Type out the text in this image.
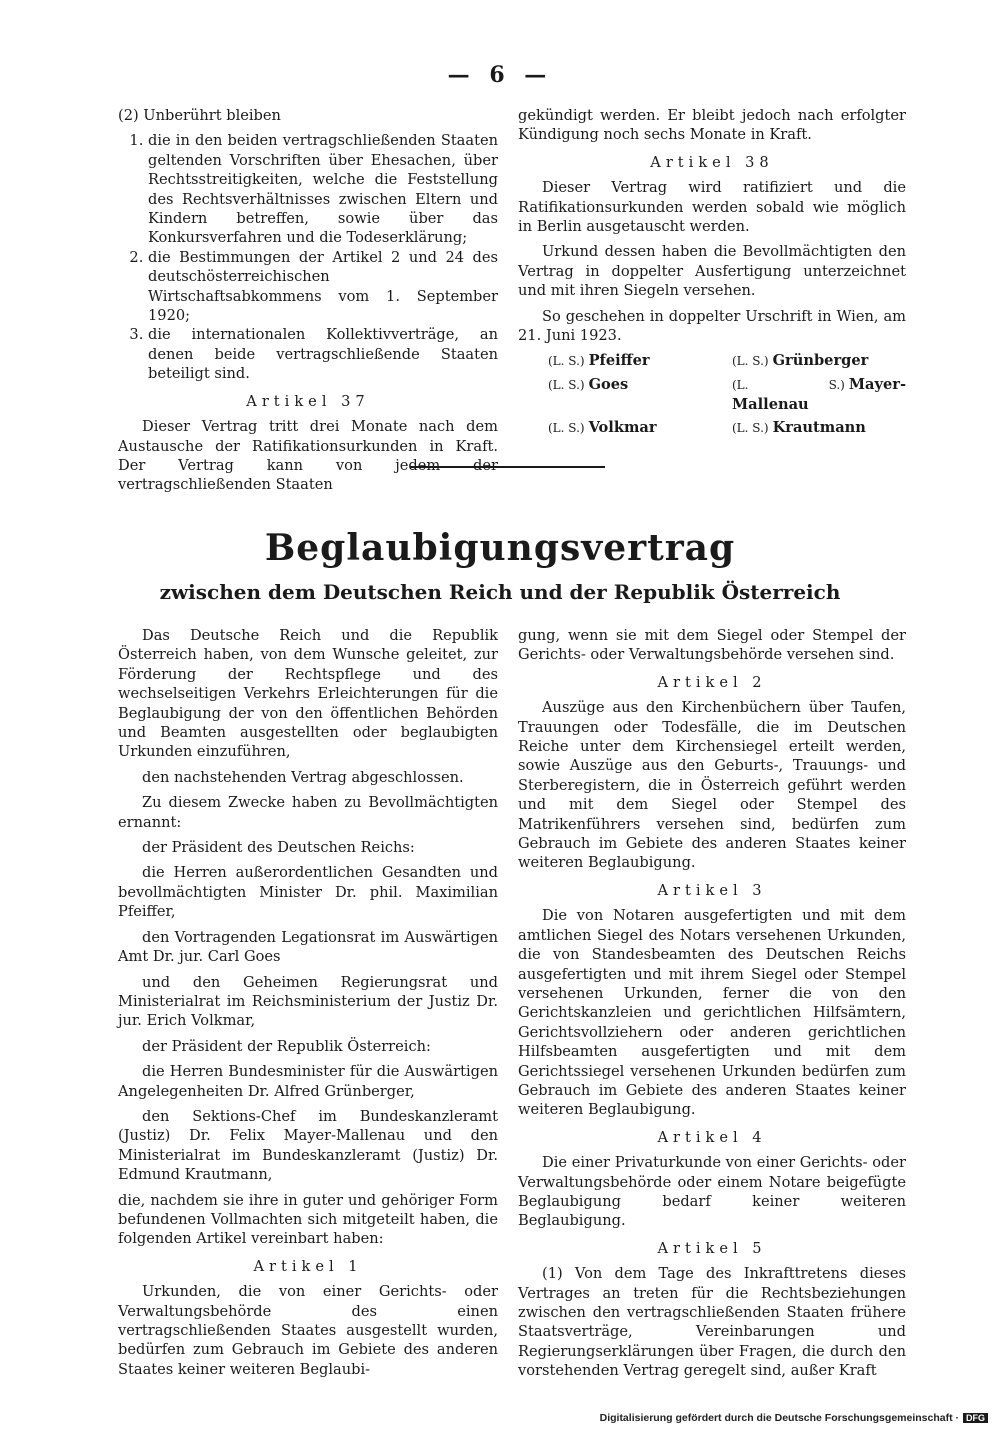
— 6 —

(2) Unberührt bleiben

1. die in den beiden vertragschließenden Staaten geltenden Vorschriften über Ehesachen, über Rechtsstreitigkeiten, welche die Feststellung des Rechtsverhältnisses zwischen Eltern und Kindern betreffen, sowie über das Konkursverfahren und die Todeserklärung;
2. die Bestimmungen der Artikel 2 und 24 des deutschösterreichischen Wirtschaftsabkommens vom 1. September 1920;
3. die internationalen Kollektivverträge, an denen beide vertragschließende Staaten beteiligt sind.
Artikel 37

Dieser Vertrag tritt drei Monate nach dem Austausche der Ratifikationsurkunden in Kraft. Der Vertrag kann von jedem der vertragschließenden Staaten

gekündigt werden. Er bleibt jedoch nach erfolgter Kündigung noch sechs Monate in Kraft.

Artikel 38

Dieser Vertrag wird ratifiziert und die Ratifikationsurkunden werden sobald wie möglich in Berlin ausgetauscht werden.

Urkund dessen haben die Bevollmächtigten den Vertrag in doppelter Ausfertigung unterzeichnet und mit ihren Siegeln versehen.

So geschehen in doppelter Urschrift in Wien, am 21. Juni 1923.

(L. S.) Pfeiffer	(L. S.) Grünberger
(L. S.) Goes	(L. S.) Mayer-Mallenau
(L. S.) Volkmar	(L. S.) Krautmann
Beglaubigungsvertrag
zwischen dem Deutschen Reich und der Republik Österreich

Das Deutsche Reich und die Republik Österreich haben, von dem Wunsche geleitet, zur Förderung der Rechtspflege und des wechselseitigen Verkehrs Erleichterungen für die Beglaubigung der von den öffentlichen Behörden und Beamten ausgestellten oder beglaubigten Urkunden einzuführen,

den nachstehenden Vertrag abgeschlossen.

Zu diesem Zwecke haben zu Bevollmächtigten ernannt:

der Präsident des Deutschen Reichs:

die Herren außerordentlichen Gesandten und bevollmächtigten Minister Dr. phil. Maximilian Pfeiffer,

den Vortragenden Legationsrat im Auswärtigen Amt Dr. jur. Carl Goes

und den Geheimen Regierungsrat und Ministerialrat im Reichsministerium der Justiz Dr. jur. Erich Volkmar,

der Präsident der Republik Österreich:

die Herren Bundesminister für die Auswärtigen Angelegenheiten Dr. Alfred Grünberger,

den Sektions-Chef im Bundeskanzleramt (Justiz) Dr. Felix Mayer-Mallenau und den Ministerialrat im Bundeskanzleramt (Justiz) Dr. Edmund Krautmann,

die, nachdem sie ihre in guter und gehöriger Form befundenen Vollmachten sich mitgeteilt haben, die folgenden Artikel vereinbart haben:

Artikel 1

Urkunden, die von einer Gerichts- oder Verwaltungsbehörde des einen vertragschließenden Staates ausgestellt wurden, bedürfen zum Gebrauch im Gebiete des anderen Staates keiner weiteren Beglaubi-

gung, wenn sie mit dem Siegel oder Stempel der Gerichts- oder Verwaltungsbehörde versehen sind.

Artikel 2

Auszüge aus den Kirchenbüchern über Taufen, Trauungen oder Todesfälle, die im Deutschen Reiche unter dem Kirchensiegel erteilt werden, sowie Auszüge aus den Geburts-, Trauungs- und Sterberegistern, die in Österreich geführt werden und mit dem Siegel oder Stempel des Matrikenführers versehen sind, bedürfen zum Gebrauch im Gebiete des anderen Staates keiner weiteren Beglaubigung.

Artikel 3

Die von Notaren ausgefertigten und mit dem amtlichen Siegel des Notars versehenen Urkunden, die von Standesbeamten des Deutschen Reichs ausgefertigten und mit ihrem Siegel oder Stempel versehenen Urkunden, ferner die von den Gerichtskanzleien und gerichtlichen Hilfsämtern, Gerichtsvollziehern oder anderen gerichtlichen Hilfsbeamten ausgefertigten und mit dem Gerichtssiegel versehenen Urkunden bedürfen zum Gebrauch im Gebiete des anderen Staates keiner weiteren Beglaubigung.

Artikel 4

Die einer Privaturkunde von einer Gerichts- oder Verwaltungsbehörde oder einem Notare beigefügte Beglaubigung bedarf keiner weiteren Beglaubigung.

Artikel 5

(1) Von dem Tage des Inkrafttretens dieses Vertrages an treten für die Rechtsbeziehungen zwischen den vertragschließenden Staaten frühere Staatsverträge, Vereinbarungen und Regierungserklärungen über Fragen, die durch den vorstehenden Vertrag geregelt sind, außer Kraft

Digitalisierung gefördert durch die Deutsche Forschungsgemeinschaft · DFG
